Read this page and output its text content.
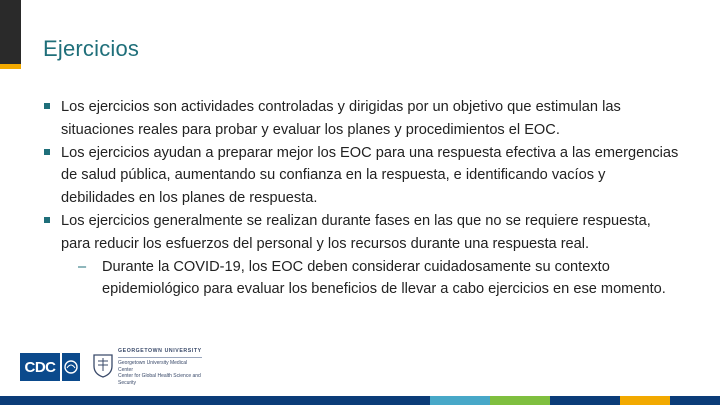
Ejercicios
Los ejercicios son actividades controladas y dirigidas por un objetivo que estimulan las situaciones reales para probar y evaluar los planes y procedimientos el EOC.
Los ejercicios ayudan a preparar mejor los EOC para una respuesta efectiva a las emergencias de salud pública, aumentando su confianza en la respuesta, e identificando vacíos y debilidades en los planes de respuesta.
Los ejercicios generalmente se realizan durante fases en las que no se requiere respuesta, para reducir los esfuerzos del personal y los recursos durante una respuesta real.
– Durante la COVID-19, los EOC deben considerar cuidadosamente su contexto epidemiológico para evaluar los beneficios de llevar a cabo ejercicios en ese momento.
CDC
GEORGETOWN UNIVERSITY
Georgetown University Medical Center
Center for Global Health Science and Security
